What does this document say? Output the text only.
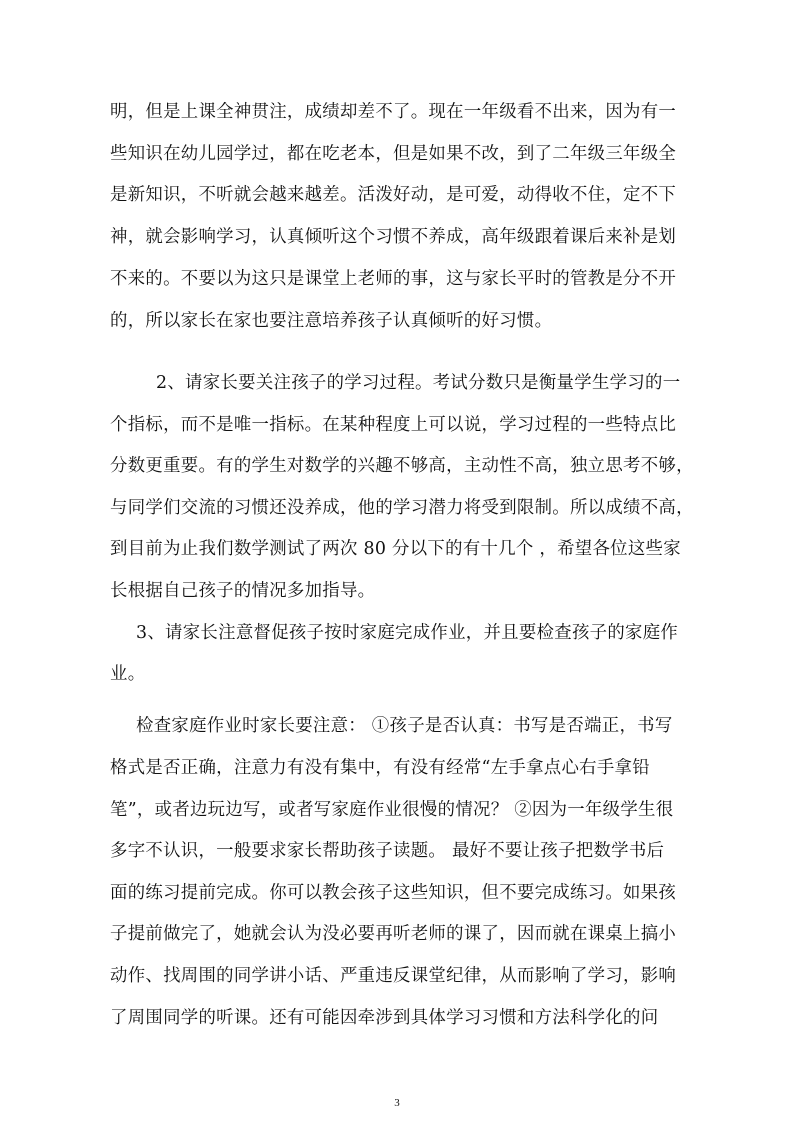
明，但是上课全神贯注，成绩却差不了。现在一年级看不出来，因为有一
些知识在幼儿园学过，都在吃老本，但是如果不改，到了二年级三年级全
是新知识，不听就会越来越差。活泼好动，是可爱，动得收不住，定不下
神，就会影响学习，认真倾听这个习惯不养成，高年级跟着课后来补是划
不来的。不要以为这只是课堂上老师的事，这与家长平时的管教是分不开
的，所以家长在家也要注意培养孩子认真倾听的好习惯。
2、请家长要关注孩子的学习过程。考试分数只是衡量学生学习的一
个指标，而不是唯一指标。在某种程度上可以说，学习过程的一些特点比
分数更重要。有的学生对数学的兴趣不够高，主动性不高，独立思考不够，
与同学们交流的习惯还没养成，他的学习潜力将受到限制。所以成绩不高，
到目前为止我们数学测试了两次 80 分以下的有十几个 ，希望各位这些家
长根据自己孩子的情况多加指导。
3、请家长注意督促孩子按时家庭完成作业，并且要检查孩子的家庭作
业。
检查家庭作业时家长要注意： ①孩子是否认真：书写是否端正，书写
格式是否正确，注意力有没有集中，有没有经常“左手拿点心右手拿铅
笔”，或者边玩边写，或者写家庭作业很慢的情况？ ②因为一年级学生很
多字不认识，一般要求家长帮助孩子读题。 最好不要让孩子把数学书后
面的练习提前完成。你可以教会孩子这些知识，但不要完成练习。如果孩
子提前做完了，她就会认为没必要再听老师的课了，因而就在课桌上搞小
动作、找周围的同学讲小话、严重违反课堂纪律，从而影响了学习，影响
了周围同学的听课。还有可能因牵涉到具体学习习惯和方法科学化的问
3
